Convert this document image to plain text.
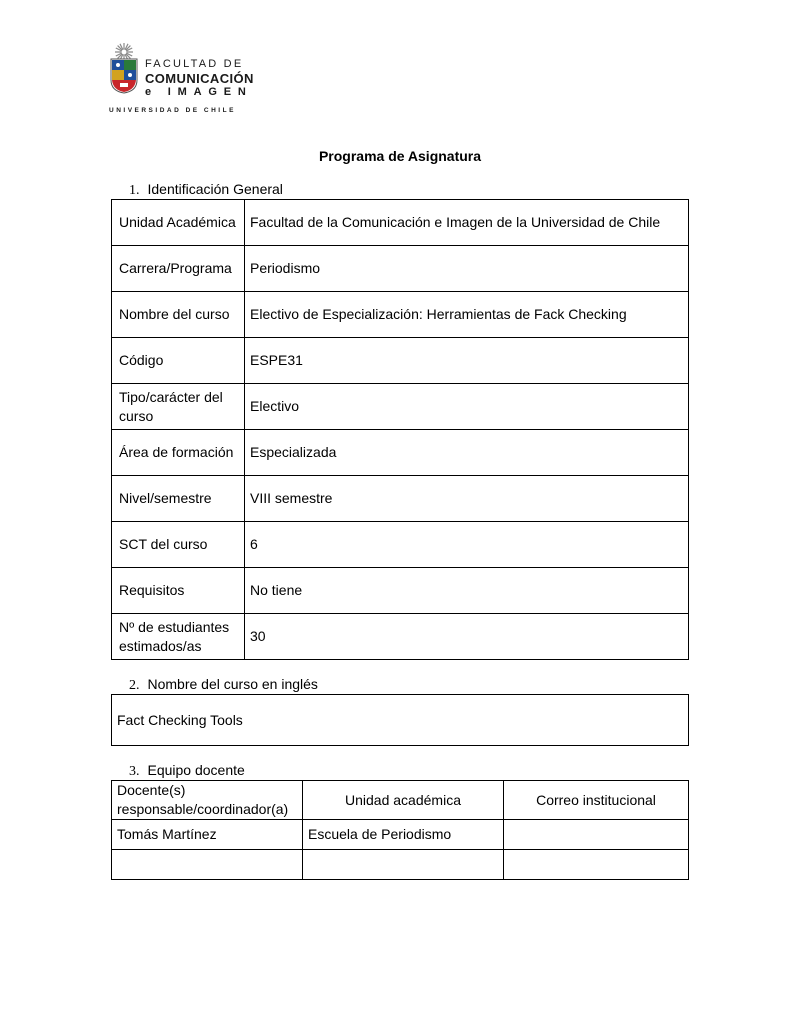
FACULTAD DE
COMUNICACIÓN
e IMAGEN
UNIVERSIDAD DE CHILE
Programa de Asignatura
1. Identificación General
Unidad Académica	Facultad de la Comunicación e Imagen de la Universidad de Chile
Carrera/Programa	Periodismo
Nombre del curso	Electivo de Especialización: Herramientas de Fack Checking
Código	ESPE31
Tipo/carácter del curso	Electivo
Área de formación	Especializada
Nivel/semestre	VIII semestre
SCT del curso	6
Requisitos	No tiene
Nº de estudiantes estimados/as	30
2. Nombre del curso en inglés
Fact Checking Tools
3. Equipo docente
Docente(s) responsable/coordinador(a)	Unidad académica	Correo institucional
Tomás Martínez	Escuela de Periodismo	
